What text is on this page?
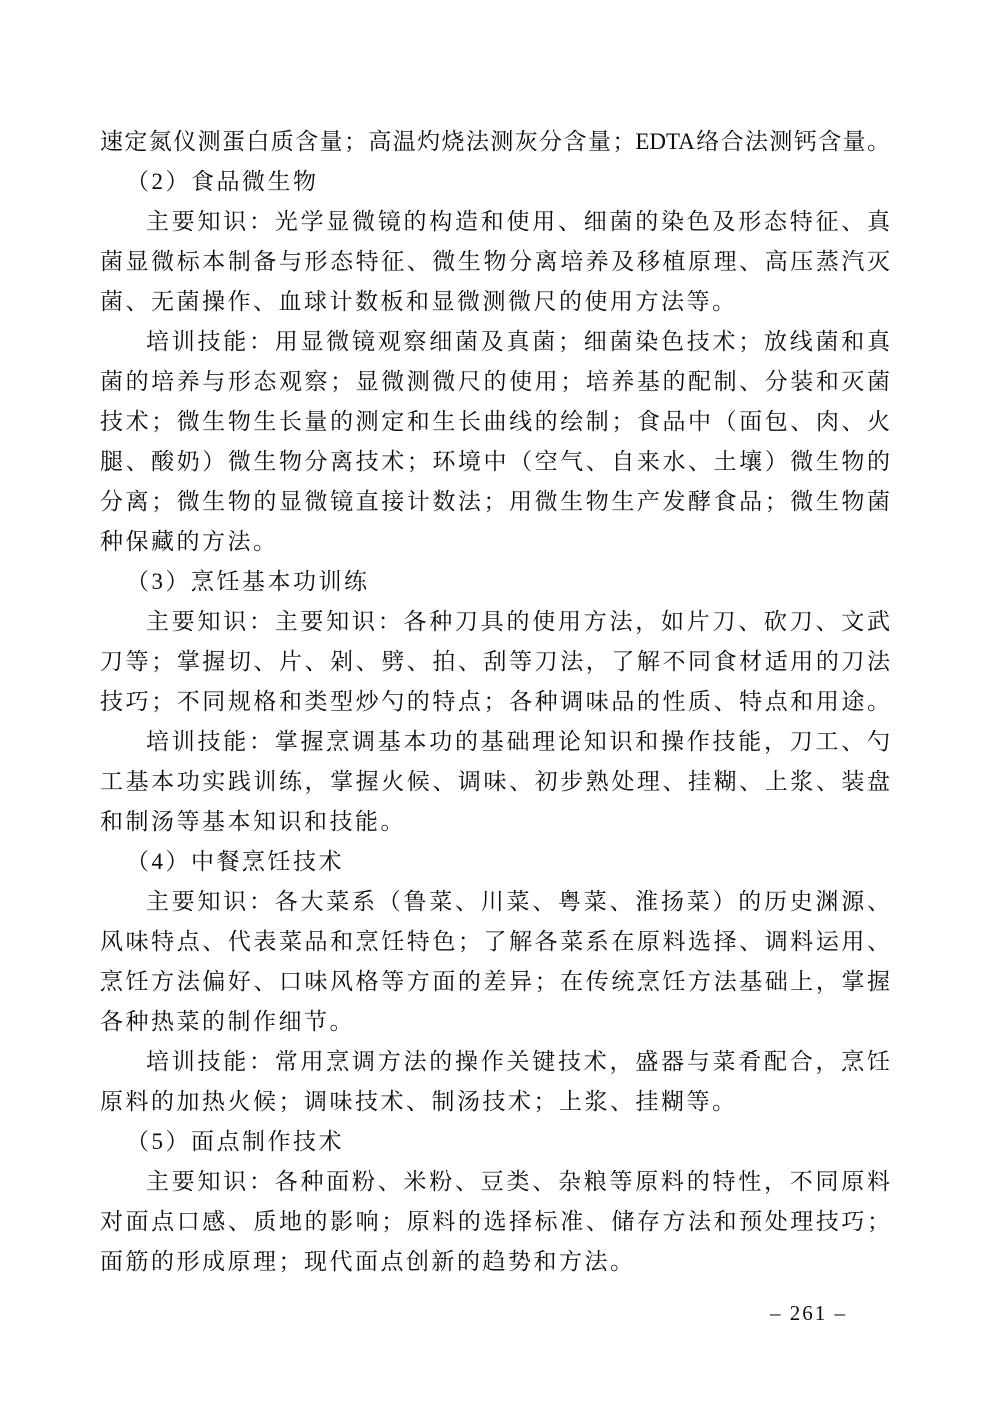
速定氮仪测蛋白质含量；高温灼烧法测灰分含量；EDTA络合法测钙含量。
（2）食品微生物
主要知识：光学显微镜的构造和使用、细菌的染色及形态特征、真
菌显微标本制备与形态特征、微生物分离培养及移植原理、高压蒸汽灭
菌、无菌操作、血球计数板和显微测微尺的使用方法等。
培训技能：用显微镜观察细菌及真菌；细菌染色技术；放线菌和真
菌的培养与形态观察；显微测微尺的使用；培养基的配制、分装和灭菌
技术；微生物生长量的测定和生长曲线的绘制；食品中（面包、肉、火
腿、酸奶）微生物分离技术；环境中（空气、自来水、土壤）微生物的
分离；微生物的显微镜直接计数法；用微生物生产发酵食品；微生物菌
种保藏的方法。
（3）烹饪基本功训练
主要知识：主要知识：各种刀具的使用方法，如片刀、砍刀、文武
刀等；掌握切、片、剁、劈、拍、刮等刀法，了解不同食材适用的刀法
技巧；不同规格和类型炒勺的特点；各种调味品的性质、特点和用途。
培训技能：掌握烹调基本功的基础理论知识和操作技能，刀工、勺
工基本功实践训练，掌握火候、调味、初步熟处理、挂糊、上浆、装盘
和制汤等基本知识和技能。
（4）中餐烹饪技术
主要知识：各大菜系（鲁菜、川菜、粤菜、淮扬菜）的历史渊源、
风味特点、代表菜品和烹饪特色；了解各菜系在原料选择、调料运用、
烹饪方法偏好、口味风格等方面的差异；在传统烹饪方法基础上，掌握
各种热菜的制作细节。
培训技能：常用烹调方法的操作关键技术，盛器与菜肴配合，烹饪
原料的加热火候；调味技术、制汤技术；上浆、挂糊等。
（5）面点制作技术
主要知识：各种面粉、米粉、豆类、杂粮等原料的特性，不同原料
对面点口感、质地的影响；原料的选择标准、储存方法和预处理技巧；
面筋的形成原理；现代面点创新的趋势和方法。
– 261 –
